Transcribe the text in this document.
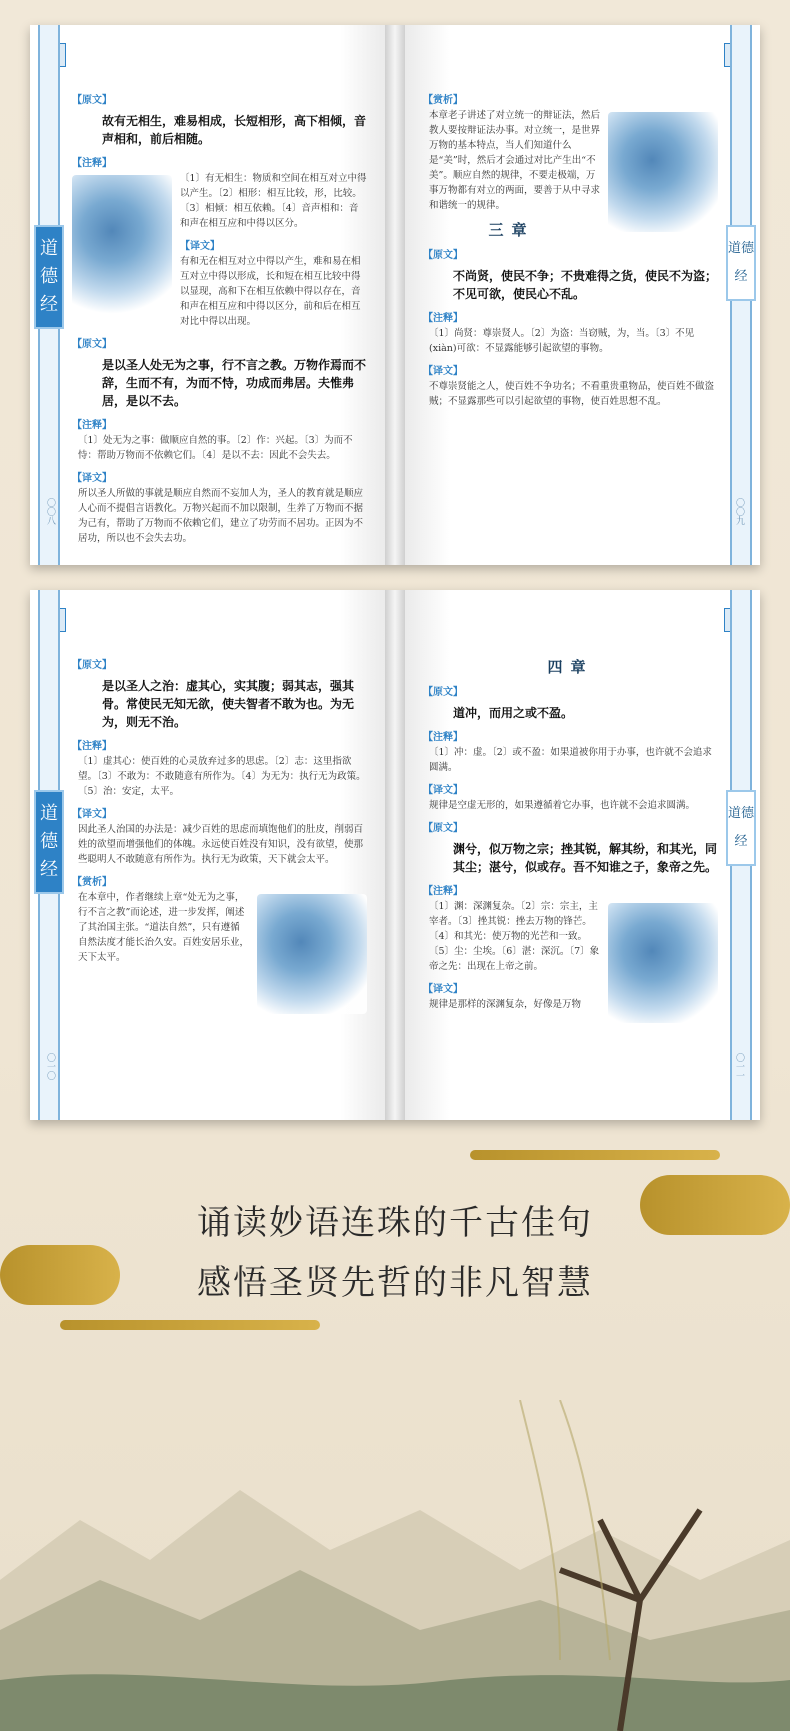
道德经
〇〇八
【原文】
故有无相生，难易相成，长短相形，高下相倾，音声相和，前后相随。
【注释】
〔1〕有无相生：物质和空间在相互对立中得以产生。〔2〕相形：相互比较，形，比较。〔3〕相倾：相互依赖。〔4〕音声相和：音和声在相互应和中得以区分。
【译文】
有和无在相互对立中得以产生，难和易在相互对立中得以形成，长和短在相互比较中得以显现，高和下在相互依赖中得以存在，音和声在相互应和中得以区分，前和后在相互对比中得以出现。
【原文】
是以圣人处无为之事，行不言之教。万物作焉而不辞，生而不有，为而不恃，功成而弗居。夫惟弗居，是以不去。
【注释】
〔1〕处无为之事：做顺应自然的事。〔2〕作：兴起。〔3〕为而不恃：帮助万物而不依赖它们。〔4〕是以不去：因此不会失去。
【译文】
所以圣人所做的事就是顺应自然而不妄加人为，圣人的教育就是顺应人心而不提倡言语教化。万物兴起而不加以限制，生养了万物而不据为己有，帮助了万物而不依赖它们，建立了功劳而不居功。正因为不居功，所以也不会失去功。
道德经
〇〇九
【赏析】
本章老子讲述了对立统一的辩证法，然后教人要按辩证法办事。对立统一，是世界万物的基本特点，当人们知道什么是“美”时，然后才会通过对比产生出“不美”。顺应自然的规律，不要走极端，万事万物都有对立的两面，要善于从中寻求和谐统一的规律。
三章
【原文】
不尚贤，使民不争；不贵难得之货，使民不为盗；不见可欲，使民心不乱。
【注释】
〔1〕尚贤：尊崇贤人。〔2〕为盗：当窃贼，为，当。〔3〕不见(xiàn)可欲：不显露能够引起欲望的事物。
【译文】
不尊崇贤能之人，使百姓不争功名；不看重贵重物品，使百姓不做盗贼；不显露那些可以引起欲望的事物，使百姓思想不乱。
道德经
〇一〇
【原文】
是以圣人之治：虚其心，实其腹；弱其志，强其骨。常使民无知无欲，使夫智者不敢为也。为无为，则无不治。
【注释】
〔1〕虚其心：使百姓的心灵放弃过多的思虑。〔2〕志：这里指欲望。〔3〕不敢为：不敢随意有所作为。〔4〕为无为：执行无为政策。〔5〕治：安定，太平。
【译文】
因此圣人治国的办法是：减少百姓的思虑而填饱他们的肚皮，削弱百姓的欲望而增强他们的体魄。永远使百姓没有知识，没有欲望，使那些聪明人不敢随意有所作为。执行无为政策，天下就会太平。
【赏析】
在本章中，作者继续上章“处无为之事，行不言之教”而论述，进一步发挥，阐述了其治国主张。“道法自然”，只有遵循自然法度才能长治久安。百姓安居乐业，天下太平。
道德经
〇一一
四章
【原文】
道冲，而用之或不盈。
【注释】
〔1〕冲：虚。〔2〕或不盈：如果道被你用于办事，也许就不会追求圆满。
【译文】
规律是空虚无形的，如果遵循着它办事，也许就不会追求圆满。
【原文】
渊兮，似万物之宗；挫其锐，解其纷，和其光，同其尘；湛兮，似或存。吾不知谁之子，象帝之先。
【注释】
〔1〕渊：深渊复杂。〔2〕宗：宗主，主宰者。〔3〕挫其锐：挫去万物的锋芒。〔4〕和其光：使万物的光芒和一致。〔5〕尘：尘埃。〔6〕湛：深沉。〔7〕象帝之先：出现在上帝之前。
【译文】
规律是那样的深渊复杂，好像是万物
诵读妙语连珠的千古佳句
感悟圣贤先哲的非凡智慧
